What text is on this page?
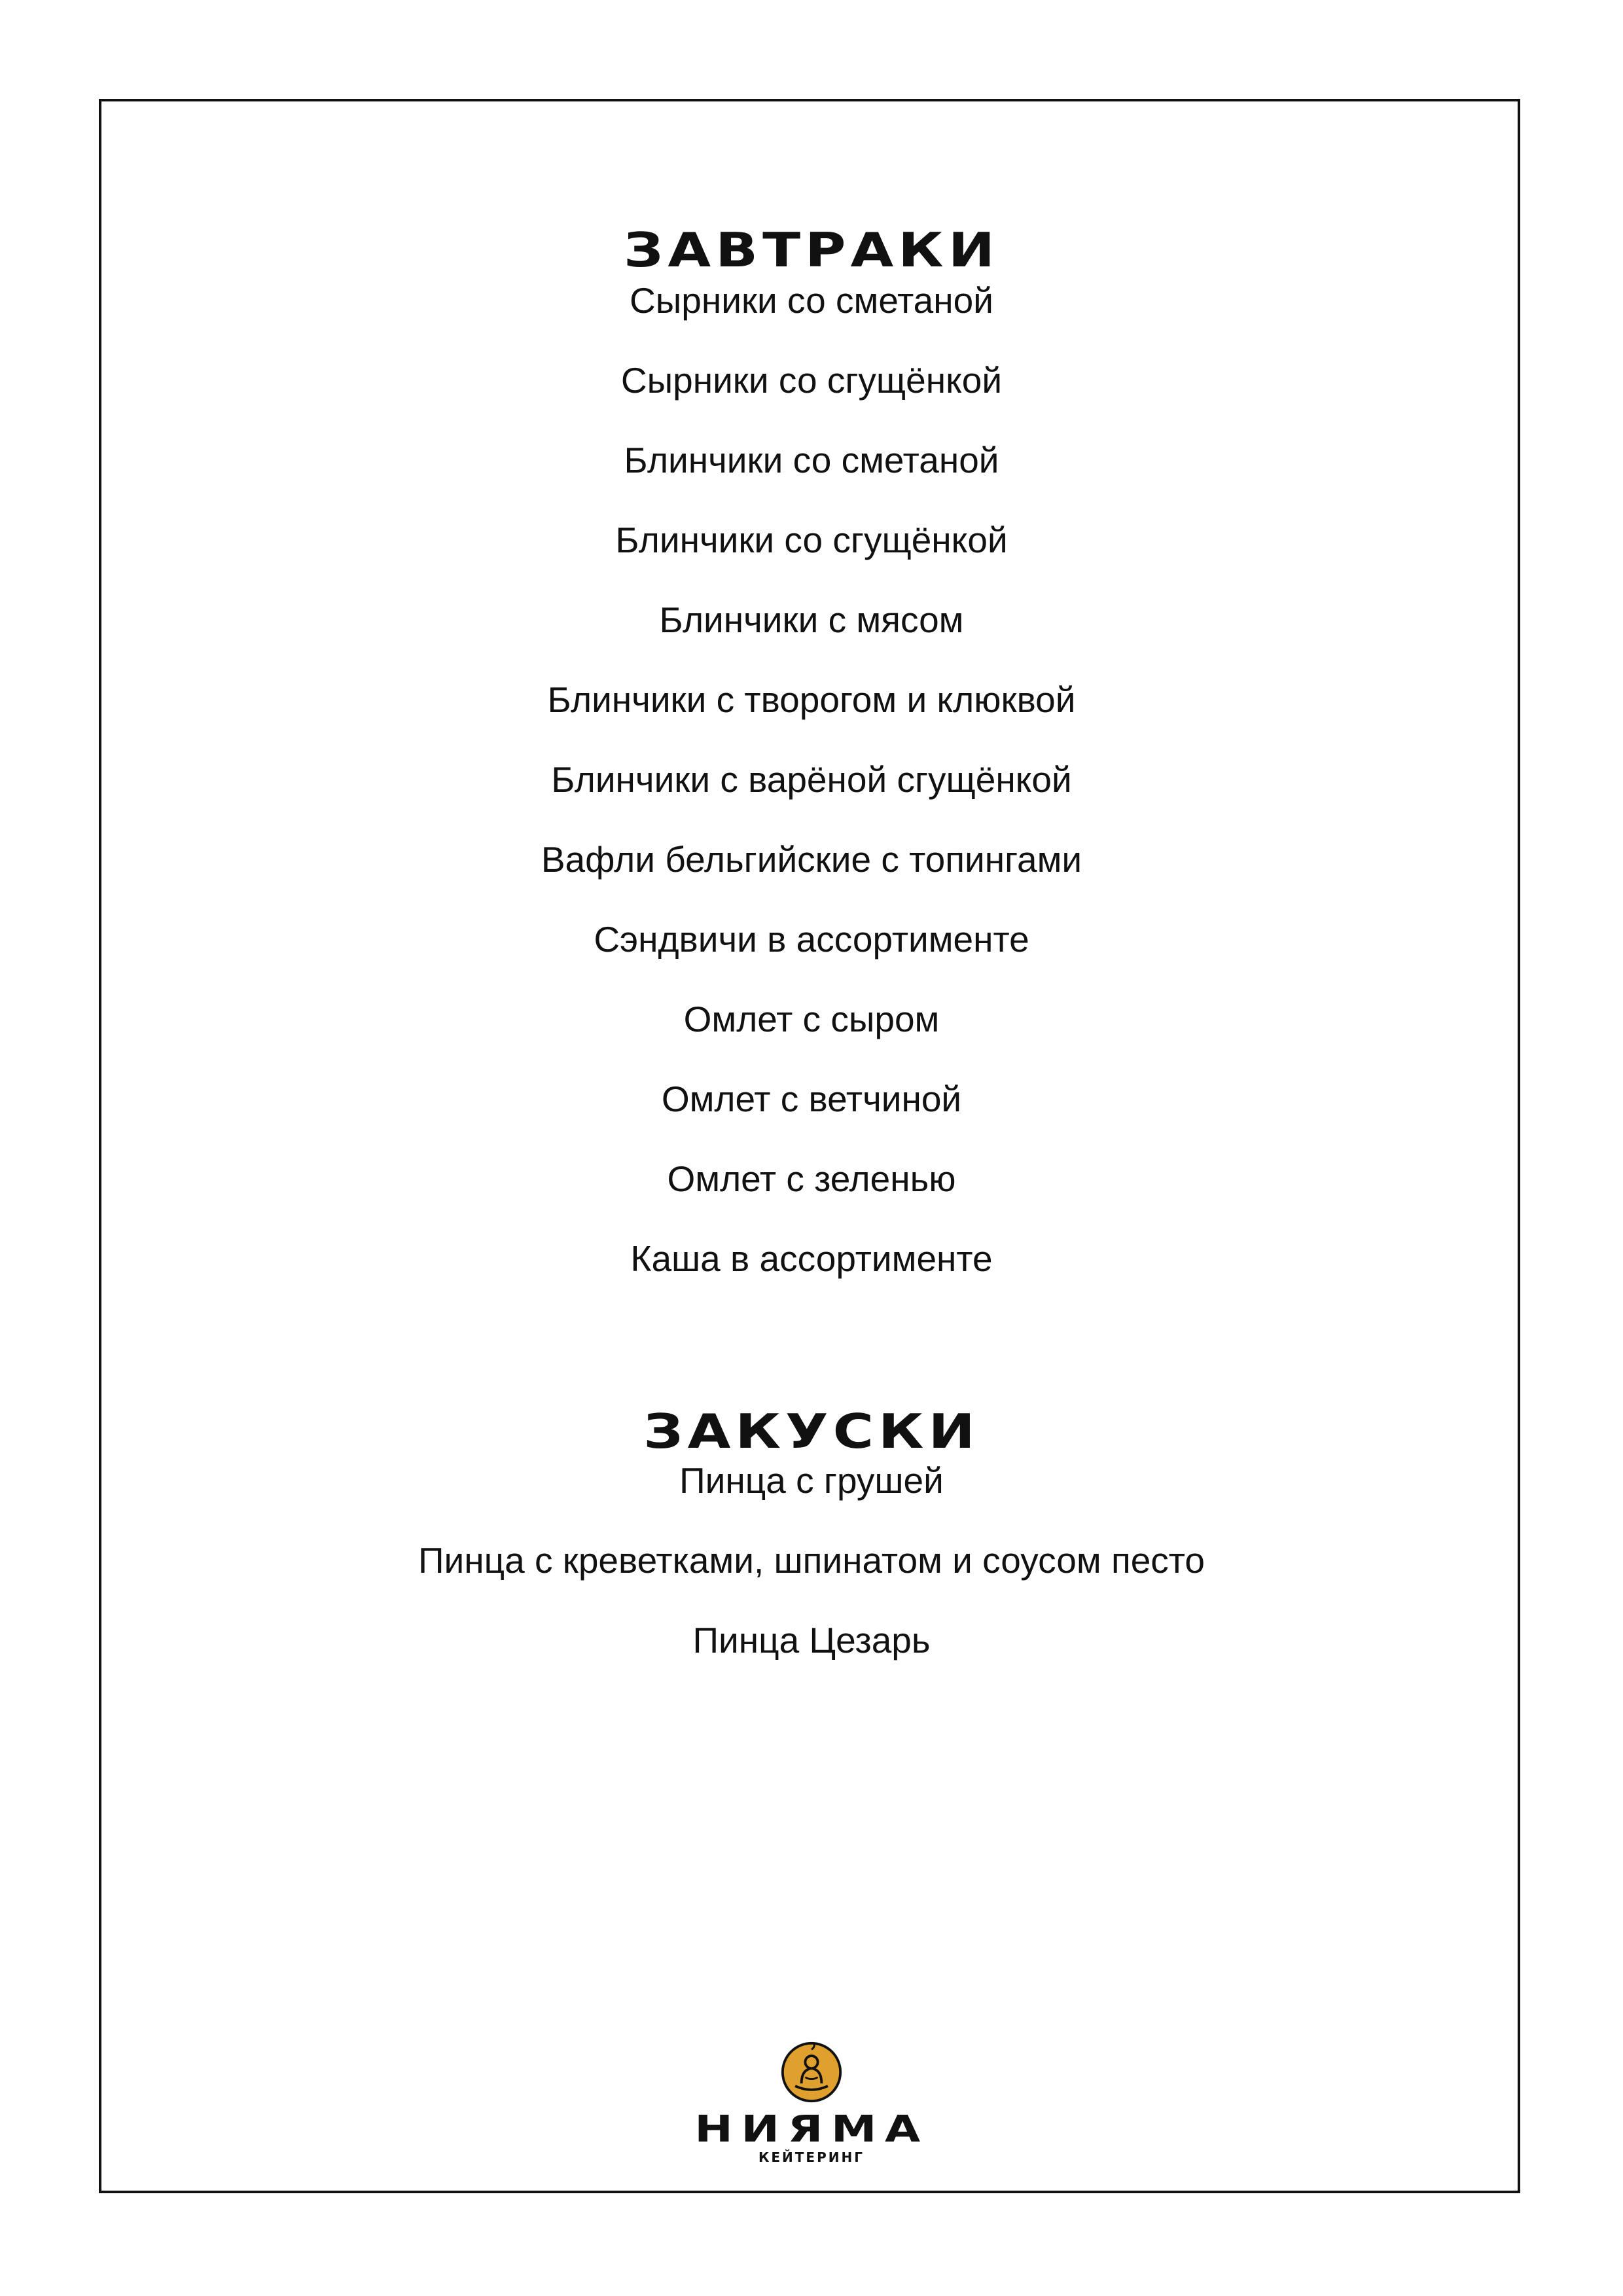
ЗАВТРАКИ
Сырники со сметаной
Сырники со сгущёнкой
Блинчики со сметаной
Блинчики со сгущёнкой
Блинчики с мясом
Блинчики с творогом и клюквой
Блинчики с варёной сгущёнкой
Вафли бельгийские с топингами
Сэндвичи в ассортименте
Омлет с сыром
Омлет с ветчиной
Омлет с зеленью
Каша в ассортименте
ЗАКУСКИ
Пинца с грушей
Пинца с креветками, шпинатом и соусом песто
Пинца Цезарь
НИЯМА
КЕЙТЕРИНГ
